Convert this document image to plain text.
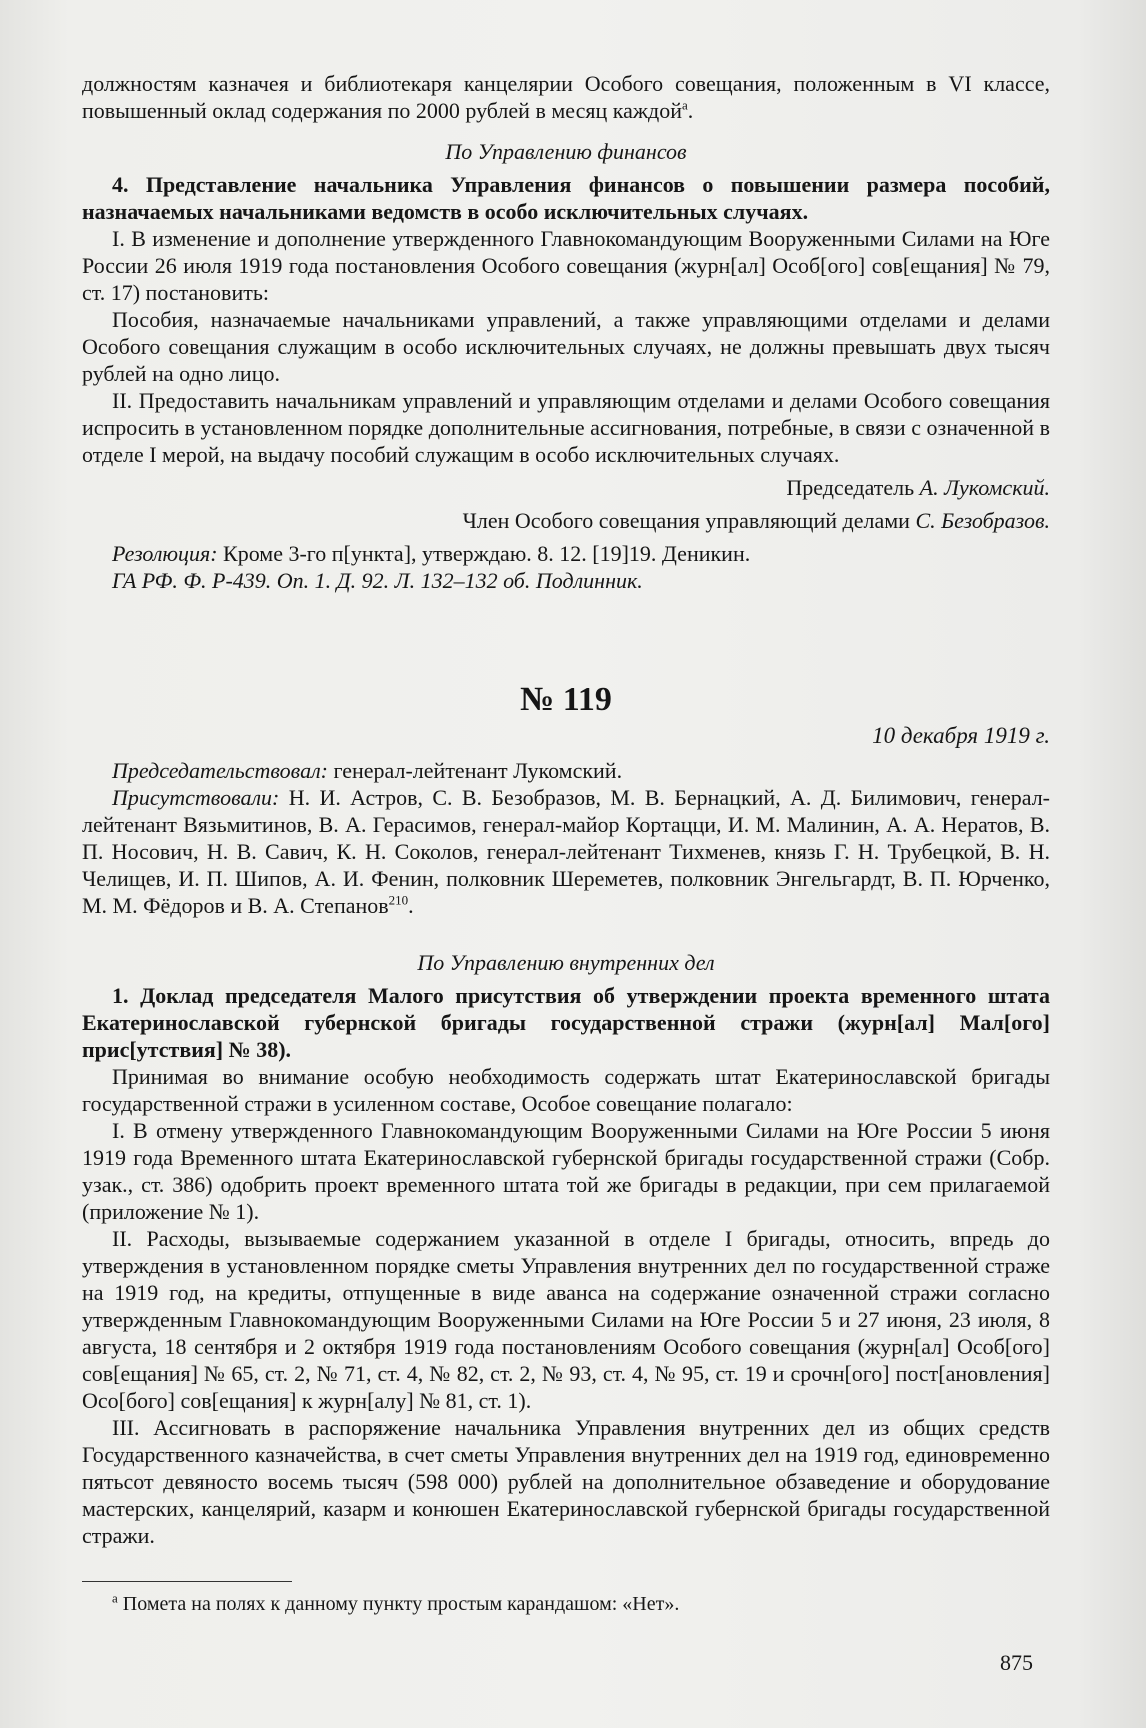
должностям казначея и библиотекаря канцелярии Особого совещания, положенным в VI классе, повышенный оклад содержания по 2000 рублей в месяц каждой$^а$.

По Управлению финансов

4. Представление начальника Управления финансов о повышении размера пособий, назначаемых начальниками ведомств в особо исключительных случаях.

I. В изменение и дополнение утвержденного Главнокомандующим Вооруженными Силами на Юге России 26 июля 1919 года постановления Особого совещания (журн[ал] Особ[ого] сов[ещания] № 79, ст. 17) постановить:

Пособия, назначаемые начальниками управлений, а также управляющими отделами и делами Особого совещания служащим в особо исключительных случаях, не должны превышать двух тысяч рублей на одно лицо.

II. Предоставить начальникам управлений и управляющим отделами и делами Особого совещания испросить в установленном порядке дополнительные ассигнования, потребные, в связи с означенной в отделе I мерой, на выдачу пособий служащим в особо исключительных случаях.

Председатель А. Лукомский.

Член Особого совещания управляющий делами С. Безобразов.

Резолюция: Кроме 3-го п[ункта], утверждаю. 8. 12. [19]19. Деникин.

ГА РФ. Ф. Р-439. Оп. 1. Д. 92. Л. 132–132 об. Подлинник.

№ 119

10 декабря 1919 г.

Председательствовал: генерал-лейтенант Лукомский.

Присутствовали: Н. И. Астров, С. В. Безобразов, М. В. Бернацкий, А. Д. Билимович, генерал-лейтенант Вязьмитинов, В. А. Герасимов, генерал-майор Кортацци, И. М. Малинин, А. А. Нератов, В. П. Носович, Н. В. Савич, К. Н. Соколов, генерал-лейтенант Тихменев, князь Г. Н. Трубецкой, В. Н. Челищев, И. П. Шипов, А. И. Фенин, полковник Шереметев, полковник Энгельгардт, В. П. Юрченко, М. М. Фёдоров и В. А. Степанов$^{210}$.

По Управлению внутренних дел

1. Доклад председателя Малого присутствия об утверждении проекта временного штата Екатеринославской губернской бригады государственной стражи (журн[ал] Мал[ого] прис[утствия] № 38).

Принимая во внимание особую необходимость содержать штат Екатеринославской бригады государственной стражи в усиленном составе, Особое совещание полагало:

I. В отмену утвержденного Главнокомандующим Вооруженными Силами на Юге России 5 июня 1919 года Временного штата Екатеринославской губернской бригады государственной стражи (Собр. узак., ст. 386) одобрить проект временного штата той же бригады в редакции, при сем прилагаемой (приложение № 1).

II. Расходы, вызываемые содержанием указанной в отделе I бригады, относить, впредь до утверждения в установленном порядке сметы Управления внутренних дел по государственной страже на 1919 год, на кредиты, отпущенные в виде аванса на содержание означенной стражи согласно утвержденным Главнокомандующим Вооруженными Силами на Юге России 5 и 27 июня, 23 июля, 8 августа, 18 сентября и 2 октября 1919 года постановлениям Особого совещания (журн[ал] Особ[ого] сов[ещания] № 65, ст. 2, № 71, ст. 4, № 82, ст. 2, № 93, ст. 4, № 95, ст. 19 и срочн[ого] пост[ановления] Осо[бого] сов[ещания] к журн[алу] № 81, ст. 1).

III. Ассигновать в распоряжение начальника Управления внутренних дел из общих средств Государственного казначейства, в счет сметы Управления внутренних дел на 1919 год, единовременно пятьсот девяносто восемь тысяч (598 000) рублей на дополнительное обзаведение и оборудование мастерских, канцелярий, казарм и конюшен Екатеринославской губернской бригады государственной стражи.

$^а$ Помета на полях к данному пункту простым карандашом: «Нет».
875
